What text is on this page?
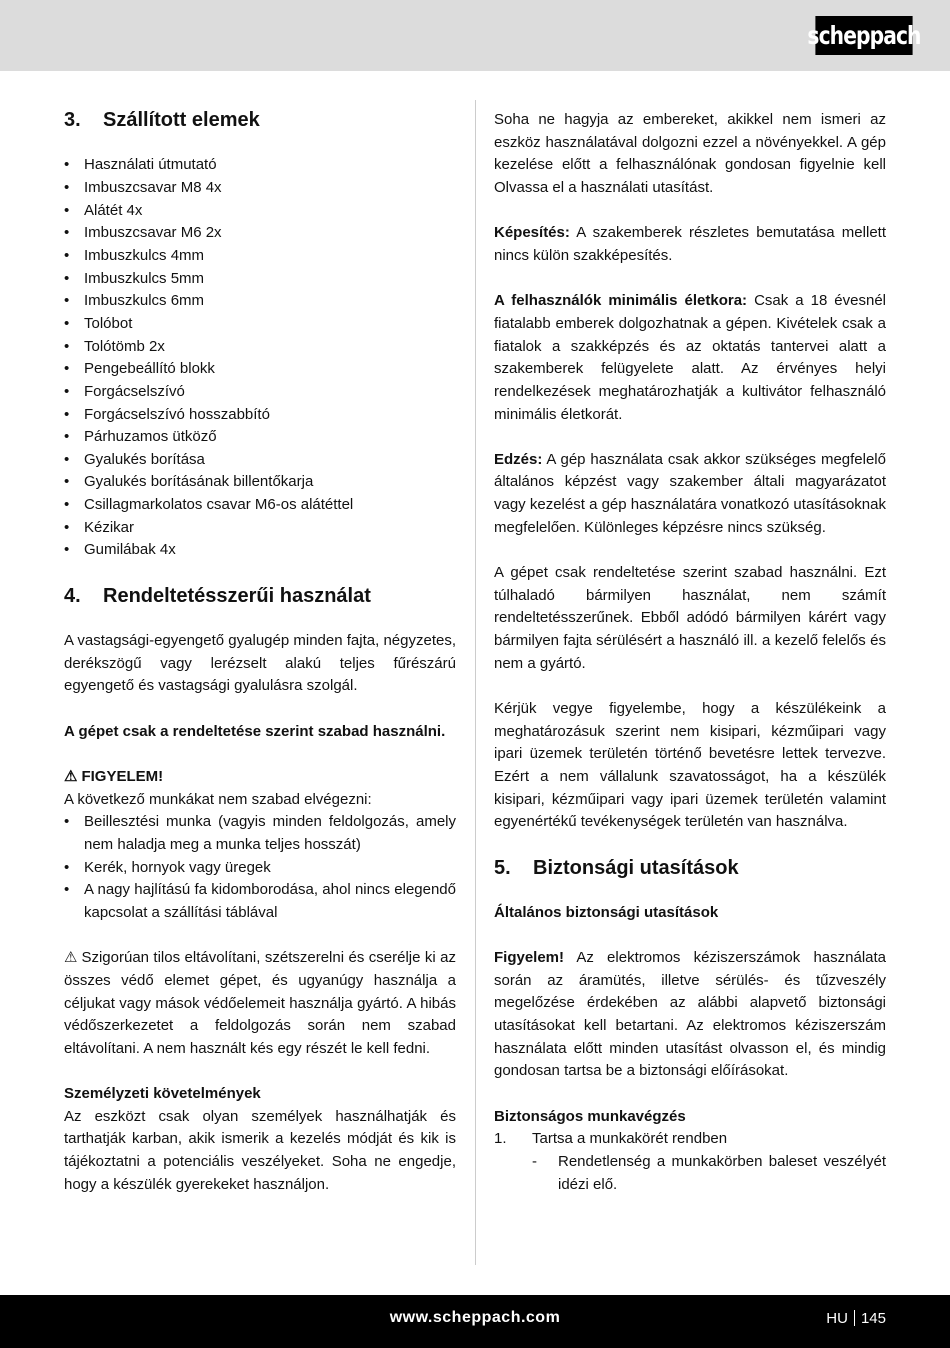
scheppach
3.	Szállított elemek
• Használati útmutató
• Imbuszcsavar M8 4x
• Alátét 4x
• Imbuszcsavar M6 2x
• Imbuszkulcs 4mm
• Imbuszkulcs 5mm
• Imbuszkulcs 6mm
• Tolóbot
• Tolótömb 2x
• Pengebeállító blokk
• Forgácselszívó
• Forgácselszívó hosszabbító
• Párhuzamos ütköző
• Gyalukés borítása
• Gyalukés borításának billentőkarja
• Csillagmarkolatos csavar M6-os alátéttel
• Kézikar
• Gumilábak 4x
4.	Rendeltetésszerűi használat

A vastagsági-egyengető gyalugép minden fajta, négyzetes, derékszögű vagy lerézselt alakú teljes fűrészárú egyengető és vastagsági gyalulásra szolgál.

A gépet csak a rendeltetése szerint szabad használni.

⚠ FIGYELEM!

A következő munkákat nem szabad elvégezni:

• Beillesztési munka (vagyis minden feldolgozás, amely nem haladja meg a munka teljes hosszát)
• Kerék, hornyok vagy üregek
• A nagy hajlítású fa kidomborodása, ahol nincs elegendő kapcsolat a szállítási táblával

⚠ Szigorúan tilos eltávolítani, szétszerelni és cserélje ki az összes védő elemet gépet, és ugyanúgy használja a céljukat vagy mások védőelemeit használja gyártó. A hibás védőszerkezetet a feldolgozás során nem szabad eltávolítani. A nem használt kés egy részét le kell fedni.

Személyzeti követelmények

Az eszközt csak olyan személyek használhatják és tarthatják karban, akik ismerik a kezelés módját és kik is tájékoztatni a potenciális veszélyeket. Soha ne engedje, hogy a készülék gyerekeket használjon.

Soha ne hagyja az embereket, akikkel nem ismeri az eszköz használatával dolgozni ezzel a növényekkel. A gép kezelése előtt a felhasználónak gondosan figyelnie kell Olvassa el a használati utasítást.

Képesítés: A szakemberek részletes bemutatása mellett nincs külön szakképesítés.

A felhasználók minimális életkora: Csak a 18 évesnél fiatalabb emberek dolgozhatnak a gépen. Kivételek csak a fiatalok a szakképzés és az oktatás tantervei alatt a szakemberek felügyelete alatt. Az érvényes helyi rendelkezések meghatározhatják a kultivátor felhasználó minimális életkorát.

Edzés: A gép használata csak akkor szükséges megfelelő általános képzést vagy szakember általi magyarázatot vagy kezelést a gép használatára vonatkozó utasításoknak megfelelően. Különleges képzésre nincs szükség.

A gépet csak rendeltetése szerint szabad használni. Ezt túlhaladó bármilyen használat, nem számít rendeltetésszerűnek. Ebből adódó bármilyen kárért vagy bármilyen fajta sérülésért a használó ill. a kezelő felelős és nem a gyártó.

Kérjük vegye figyelembe, hogy a készülékeink a meghatározásuk szerint nem kisipari, kézműipari vagy ipari üzemek területén történő bevetésre lettek tervezve. Ezért a nem vállalunk szavatosságot, ha a készülék kisipari, kézműipari vagy ipari üzemek területén valamint egyenértékű tevékenységek területén van használva.

5.	Biztonsági utasítások

Általános biztonsági utasítások

Figyelem! Az elektromos kéziszerszámok használata során az áramütés, illetve sérülés- és tűzveszély megelőzése érdekében az alábbi alapvető biztonsági utasításokat kell betartani. Az elektromos kéziszerszám használata előtt minden utasítást olvasson el, és mindig gondosan tartsa be a biztonsági előírásokat.

Biztonságos munkavégzés

1.	Tartsa a munkakörét rendben
-	Rendetlenség a munkakörben baleset veszélyét idézi elő.
www.scheppach.com	HU 145
